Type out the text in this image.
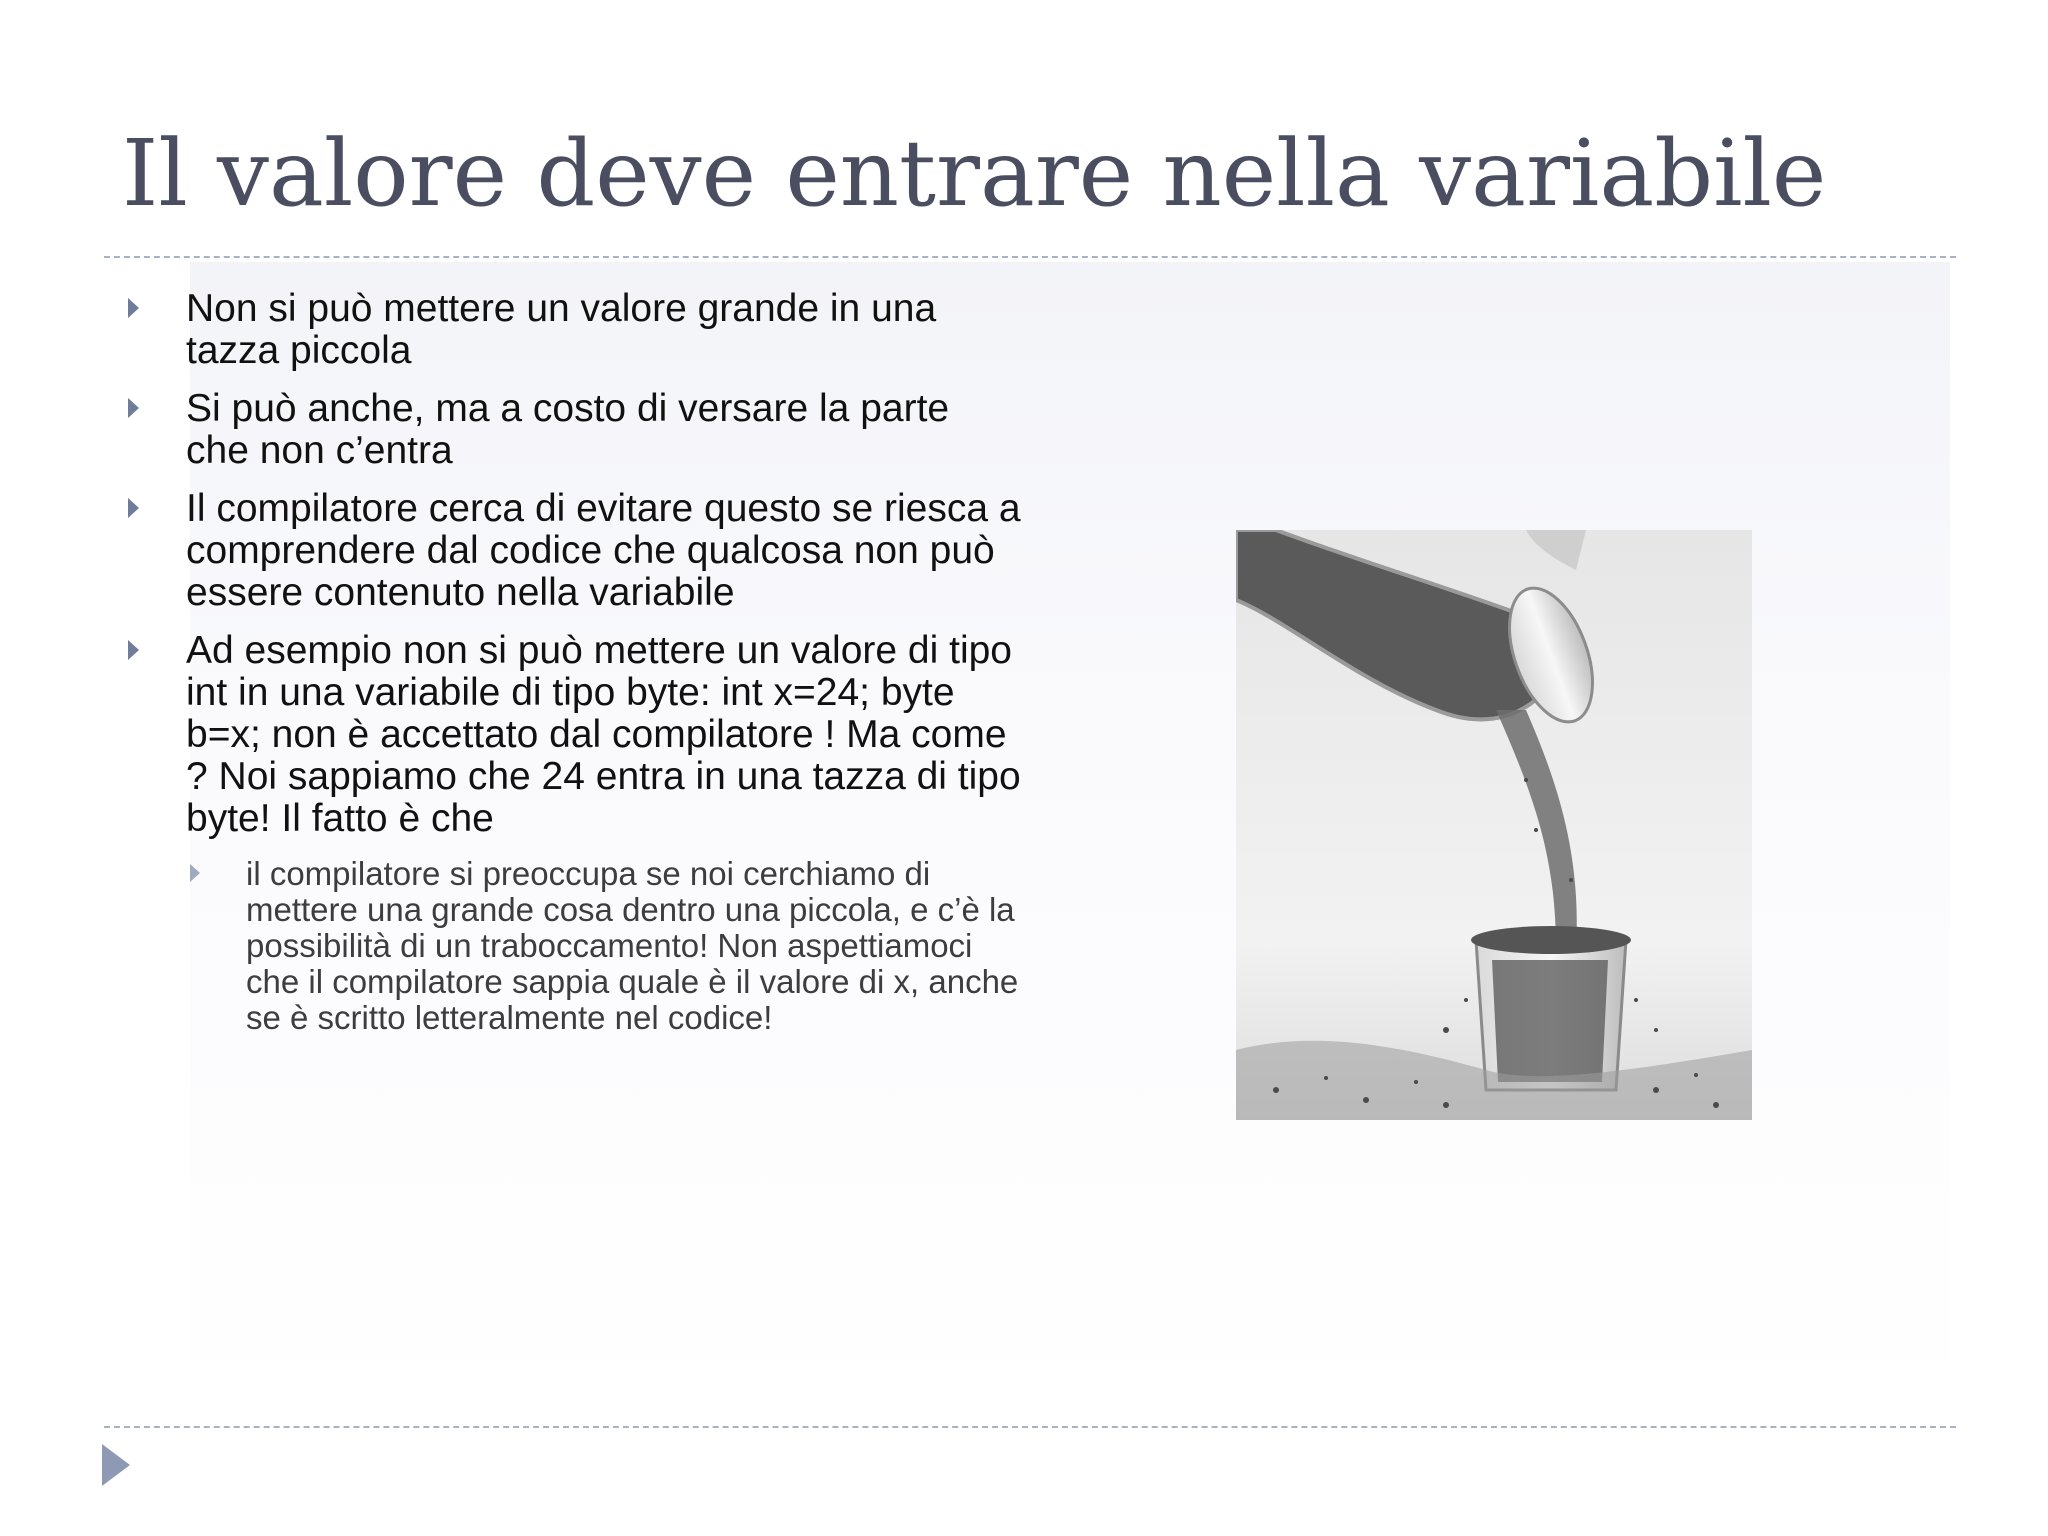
Il valore deve entrare nella variabile
Non si può mettere un valore grande in una tazza piccola
Si può anche, ma a costo di versare la parte che non c’entra
Il compilatore cerca di evitare questo se riesca a comprendere dal codice che qualcosa non può essere contenuto nella variabile
Ad esempio non si può mettere un valore di tipo int in una variabile di tipo byte: int x=24; byte b=x; non è accettato dal compilatore ! Ma come ? Noi sappiamo che 24 entra in una tazza di tipo byte! Il fatto è che
il compilatore si preoccupa se noi cerchiamo di mettere una grande cosa dentro una piccola, e c’è la possibilità di un traboccamento! Non aspettiamoci che il compilatore sappia quale è il valore di x, anche se è scritto letteralmente nel codice!
